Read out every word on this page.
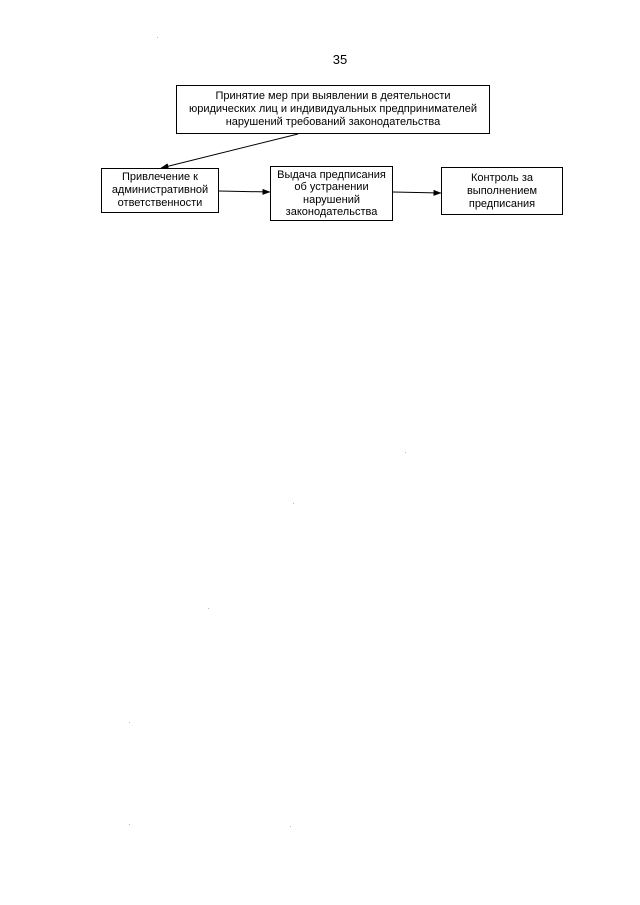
35
Принятие мер при выявлении в деятельности
юридических лиц и индивидуальных предпринимателей
нарушений требований законодательства
Привлечение к
административной
ответственности
Выдача предписания
об устранении
нарушений
законодательства
Контроль за
выполнением
предписания
